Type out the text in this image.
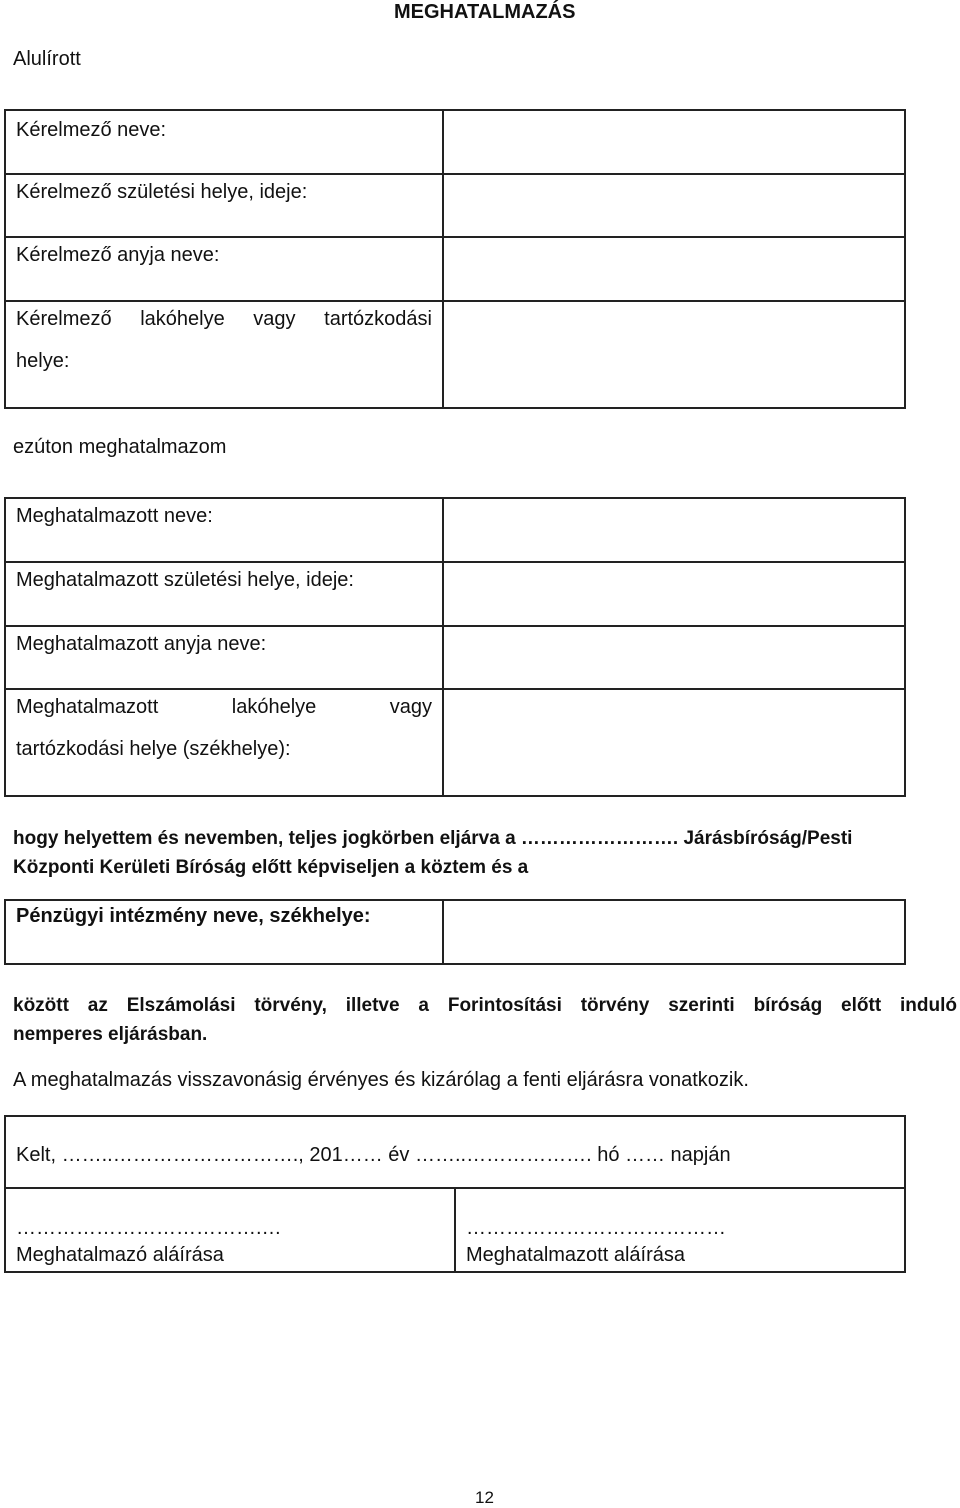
MEGHATALMAZÁS
Alulírott
Kérelmező neve:	

Kérelmező születési helye, ideje:	

Kérelmező anyja neve:	

Kérelmező lakóhelye vagy tartózkodási
helye:	

ezúton meghatalmazom
Meghatalmazott neve:	

Meghatalmazott születési helye, ideje:	

Meghatalmazott anyja neve:	

Meghatalmazott lakóhelye vagy
tartózkodási helye (székhelye):	

hogy helyettem és nevemben, teljes jogkörben eljárva a ……………………. Járásbíróság/Pesti
Központi Kerületi Bíróság előtt képviseljen a köztem és a
Pénzügyi intézmény neve, székhelye:

között az Elszámolási törvény, illetve a Forintosítási törvény szerinti bíróság előtt induló
nemperes eljárásban.
A meghatalmazás visszavonásig érvényes és kizárólag a fenti eljárásra vonatkozik.
Kelt, ……..………………………., 201…… év ……..………………. hó …… napján

……………………………….…
Meghatalmazó aláírása

…………………………………
Meghatalmazott aláírása
12
